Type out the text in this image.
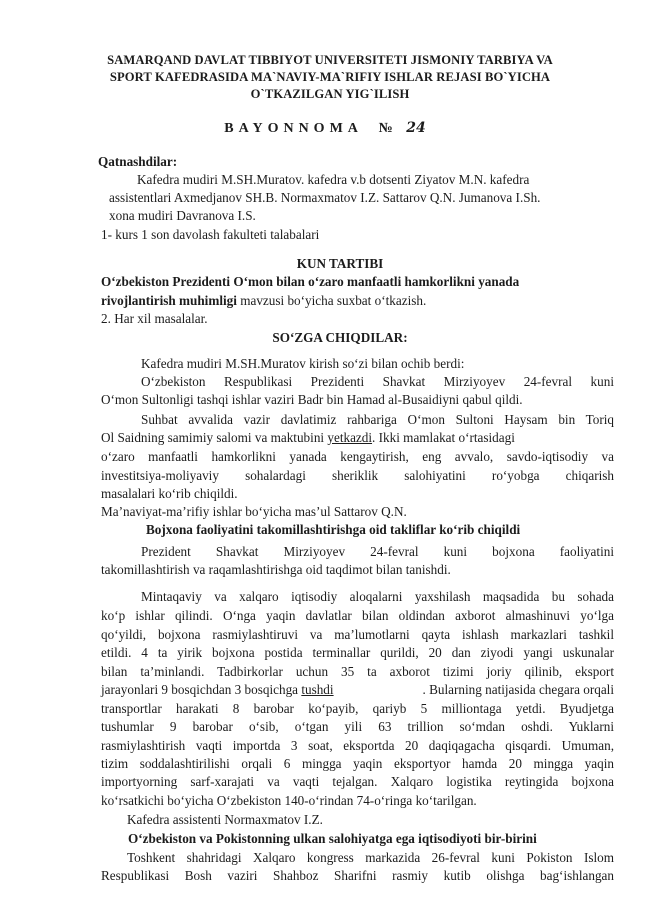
SAMARQAND DAVLAT TIBBIYOT UNIVERSITETI JISMONIY TARBIYA VA
SPORT KAFEDRASIDA MA`NAVIY-MA`RIFIY ISHLAR REJASI BO`YICHA
O`TKAZILGAN YIG`ILISH
BAYONNOMA № 24
Qatnashdilar:
Kafedra mudiri M.SH.Muratov. kafedra v.b dotsenti Ziyatov M.N. kafedra
assistentlari Axmedjanov SH.B. Normaxmatov I.Z. Sattarov Q.N. Jumanova I.Sh.
xona mudiri Davranova I.S.
1- kurs 1 son davolash fakulteti talabalari
KUN TARTIBI
O‘zbekiston Prezidenti O‘mon bilan o‘zaro manfaatli hamkorlikni yanada
rivojlantirish muhimligi mavzusi bo‘yicha suxbat o‘tkazish.
2. Har xil masalalar.
SO‘ZGA CHIQDILAR:
Kafedra mudiri M.SH.Muratov kirish so‘zi bilan ochib berdi:
O‘zbekiston Respublikasi Prezidenti Shavkat Mirziyoyev 24-fevral kuni
O‘mon Sultonligi tashqi ishlar vaziri Badr bin Hamad al-Busaidiyni qabul qildi.
Suhbat avvalida vazir davlatimiz rahbariga O‘mon Sultoni Haysam bin Toriq
Ol Saidning samimiy salomi va maktubini yetkazdi. Ikki mamlakat o‘rtasidagi
o‘zaro manfaatli hamkorlikni yanada kengaytirish, eng avvalo, savdo-iqtisodiy va
investitsiya-moliyaviy sohalardagi sheriklik salohiyatini ro‘yobga chiqarish
masalalari ko‘rib chiqildi.
Ma’naviyat-ma’rifiy ishlar bo‘yicha mas’ul Sattarov Q.N.
Bojxona faoliyatini takomillashtirishga oid takliflar ko‘rib chiqildi
Prezident Shavkat Mirziyoyev 24-fevral kuni bojxona faoliyatini
takomillashtirish va raqamlashtirishga oid taqdimot bilan tanishdi.
Mintaqaviy va xalqaro iqtisodiy aloqalarni yaxshilash maqsadida bu sohada
ko‘p ishlar qilindi. O‘nga yaqin davlatlar bilan oldindan axborot almashinuvi yo‘lga
qo‘yildi, bojxona rasmiylashtiruvi va ma’lumotlarni qayta ishlash markazlari tashkil
etildi. 4 ta yirik bojxona postida terminallar qurildi, 20 dan ziyodi yangi uskunalar
bilan ta’minlandi. Tadbirkorlar uchun 35 ta axborot tizimi joriy qilinib, eksport
jarayonlari 9 bosqichdan 3 bosqichga tushdi	. Bularning natijasida chegara orqali
transportlar harakati 8 barobar ko‘payib, qariyb 5 milliontaga yetdi. Byudjetga
tushumlar 9 barobar o‘sib, o‘tgan yili 63 trillion so‘mdan oshdi. Yuklarni
rasmiylashtirish vaqti importda 3 soat, eksportda 20 daqiqagacha qisqardi. Umuman,
tizim soddalashtirilishi orqali 6 mingga yaqin eksportyor hamda 20 mingga yaqin
importyorning sarf-xarajati va vaqti tejalgan. Xalqaro logistika reytingida bojxona
ko‘rsatkichi bo‘yicha O‘zbekiston 140-o‘rindan 74-o‘ringa ko‘tarilgan.
Kafedra assistenti Normaxmatov I.Z.
O‘zbekiston va Pokistonning ulkan salohiyatga ega iqtisodiyoti bir-birini
Toshkent shahridagi Xalqaro kongress markazida 26-fevral kuni Pokiston Islom
Respublikasi Bosh vaziri Shahboz Sharifni rasmiy kutib olishga bag‘ishlangan
